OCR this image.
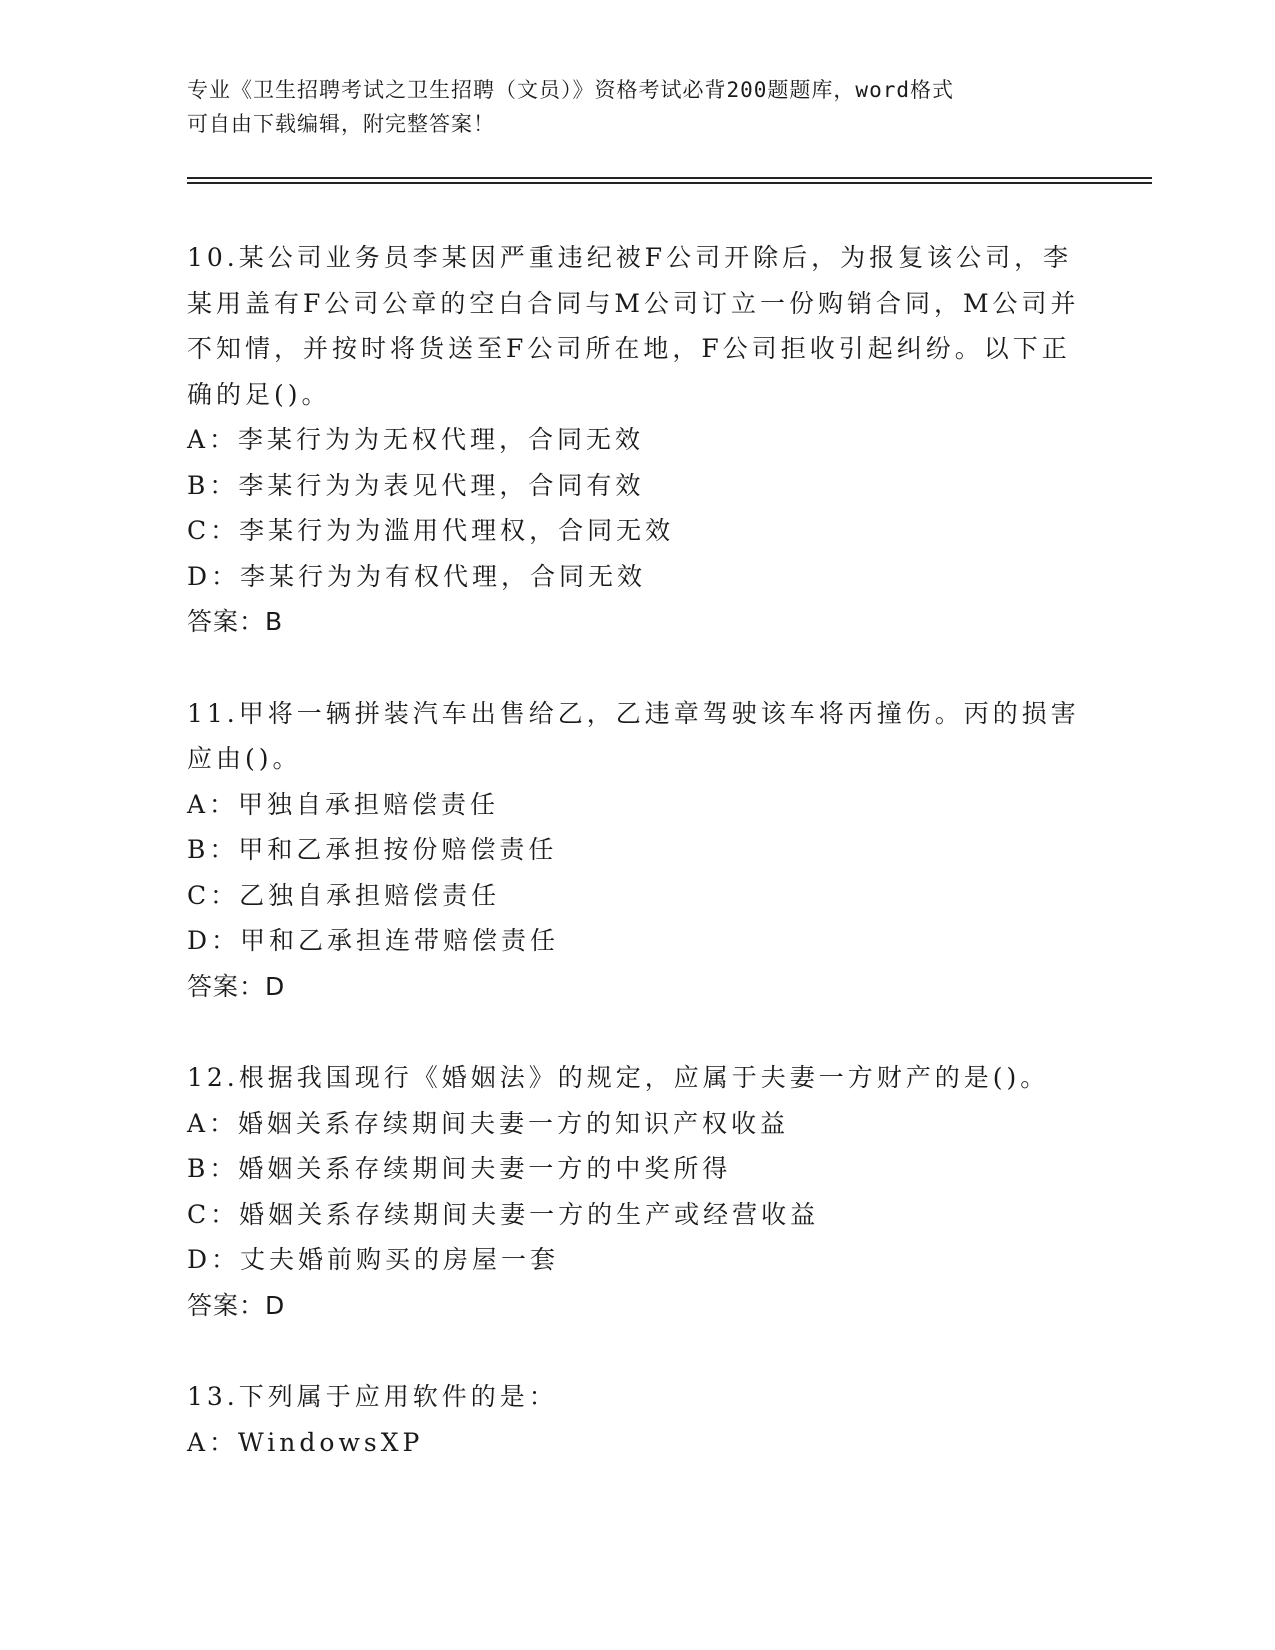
专业《卫生招聘考试之卫生招聘（文员）》资格考试必背200题题库，word格式

可自由下载编辑，附完整答案！

10.某公司业务员李某因严重违纪被F公司开除后，为报复该公司，李
某用盖有F公司公章的空白合同与M公司订立一份购销合同，M公司并
不知情，并按时将货送至F公司所在地，F公司拒收引起纠纷。以下正
确的足()。
A：李某行为为无权代理，合同无效
B：李某行为为表见代理，合同有效
C：李某行为为滥用代理权，合同无效
D：李某行为为有权代理，合同无效
答案：B
11.甲将一辆拼装汽车出售给乙，乙违章驾驶该车将丙撞伤。丙的损害
应由()。
A：甲独自承担赔偿责任
B：甲和乙承担按份赔偿责任
C：乙独自承担赔偿责任
D：甲和乙承担连带赔偿责任
答案：D
12.根据我国现行《婚姻法》的规定，应属于夫妻一方财产的是()。
A：婚姻关系存续期间夫妻一方的知识产权收益
B：婚姻关系存续期间夫妻一方的中奖所得
C：婚姻关系存续期间夫妻一方的生产或经营收益
D：丈夫婚前购买的房屋一套
答案：D
13.下列属于应用软件的是：
A：WindowsXP
